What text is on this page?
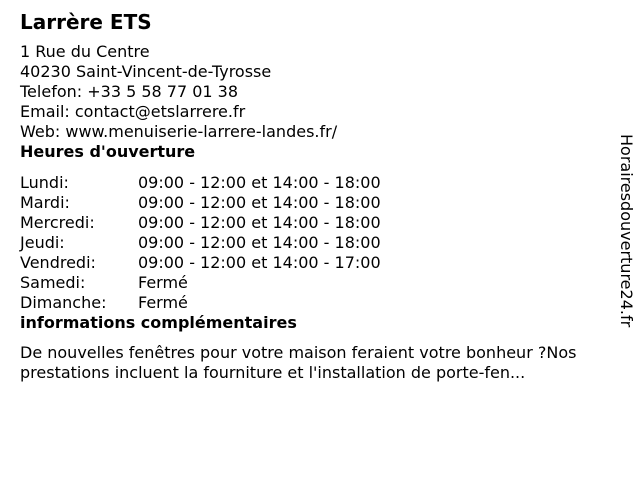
Larrère ETS
1 Rue du Centre
40230 Saint-Vincent-de-Tyrosse
Telefon: +33 5 58 77 01 38
Email: contact@etslarrere.fr
Web: www.menuiserie-larrere-landes.fr/
Heures d'ouverture
Lundi:	09:00 - 12:00 et 14:00 - 18:00
Mardi:	09:00 - 12:00 et 14:00 - 18:00
Mercredi:	09:00 - 12:00 et 14:00 - 18:00
Jeudi:	09:00 - 12:00 et 14:00 - 18:00
Vendredi:	09:00 - 12:00 et 14:00 - 17:00
Samedi:	Fermé
Dimanche:	Fermé
informations complémentaires
De nouvelles fenêtres pour votre maison feraient votre bonheur ?Nos
prestations incluent la fourniture et l'installation de porte-fen...
Horairesdouverture24.fr
